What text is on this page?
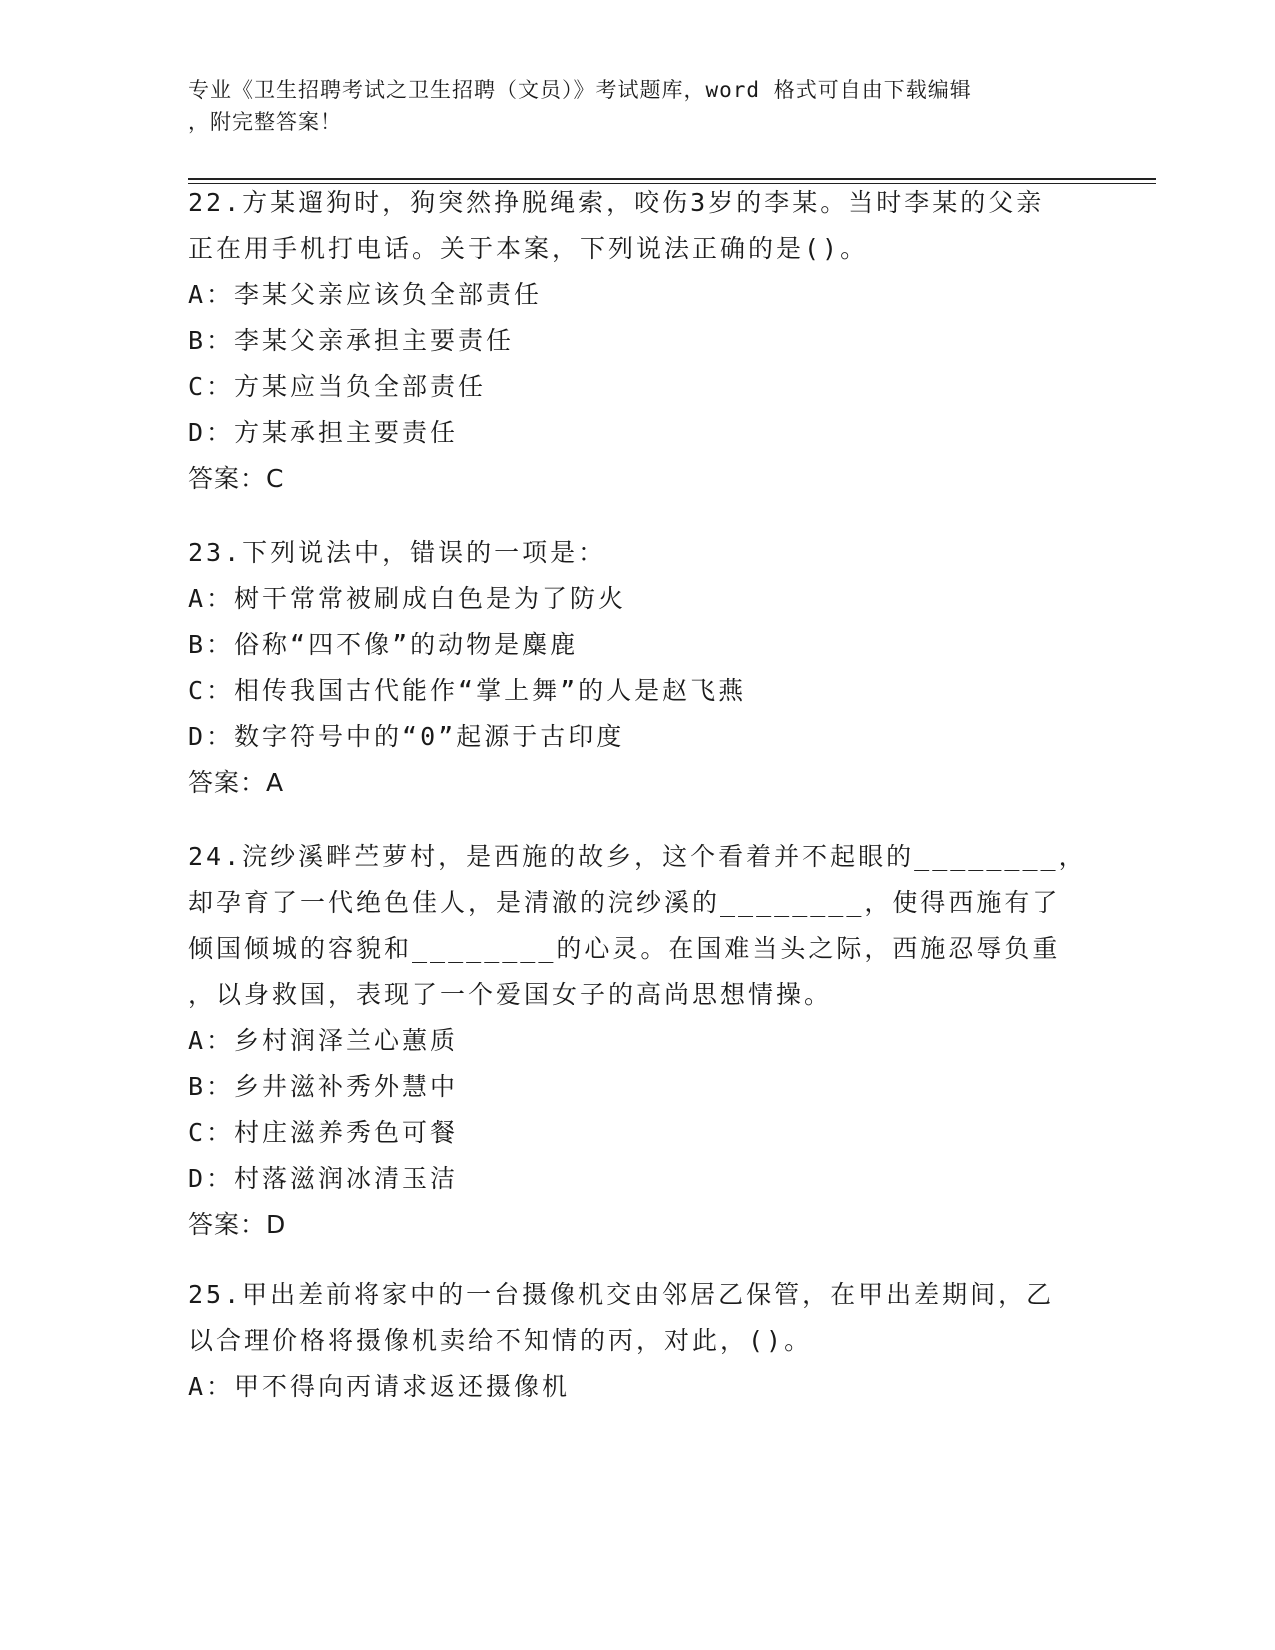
专业《卫生招聘考试之卫生招聘（文员）》考试题库，word 格式可自由下载编辑
，附完整答案！
22.方某遛狗时，狗突然挣脱绳索，咬伤3岁的李某。当时李某的父亲
正在用手机打电话。关于本案，下列说法正确的是()。
A：李某父亲应该负全部责任
B：李某父亲承担主要责任
C：方某应当负全部责任
D：方某承担主要责任
答案：C
23.下列说法中，错误的一项是：
A：树干常常被刷成白色是为了防火
B：俗称“四不像”的动物是麋鹿
C：相传我国古代能作“掌上舞”的人是赵飞燕
D：数字符号中的“0”起源于古印度
答案：A
24.浣纱溪畔苎萝村，是西施的故乡，这个看着并不起眼的________，
却孕育了一代绝色佳人，是清澈的浣纱溪的________，使得西施有了
倾国倾城的容貌和________的心灵。在国难当头之际，西施忍辱负重
，以身救国，表现了一个爱国女子的高尚思想情操。
A：乡村润泽兰心蕙质
B：乡井滋补秀外慧中
C：村庄滋养秀色可餐
D：村落滋润冰清玉洁
答案：D
25.甲出差前将家中的一台摄像机交由邻居乙保管，在甲出差期间，乙
以合理价格将摄像机卖给不知情的丙，对此，()。
A：甲不得向丙请求返还摄像机
